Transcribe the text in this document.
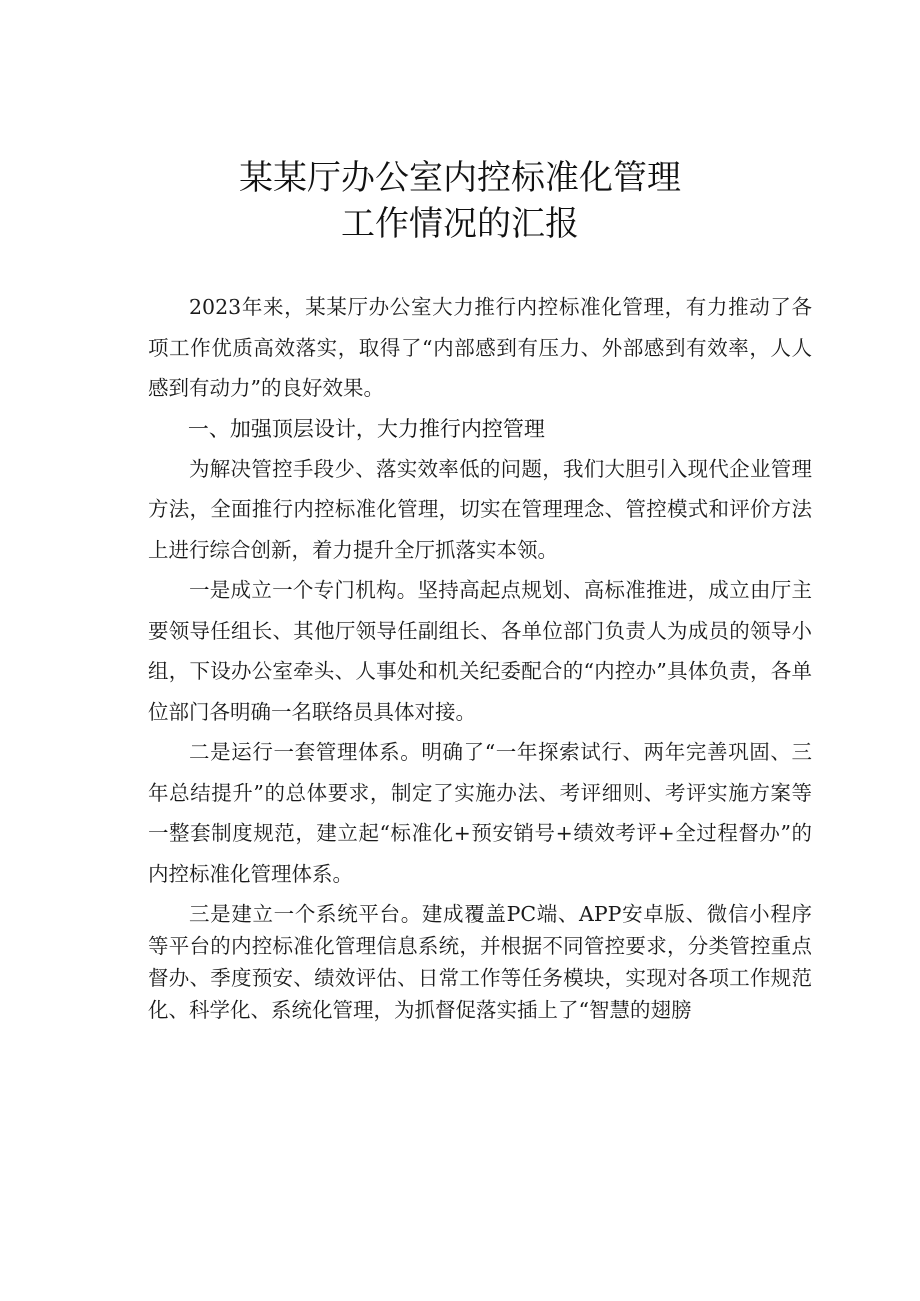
某某厅办公室内控标准化管理
工作情况的汇报

2023年来，某某厅办公室大力推行内控标准化管理，有力推动了各项工作优质高效落实，取得了“内部感到有压力、外部感到有效率，人人感到有动力”的良好效果。

一、加强顶层设计，大力推行内控管理

为解决管控手段少、落实效率低的问题，我们大胆引入现代企业管理方法，全面推行内控标准化管理，切实在管理理念、管控模式和评价方法上进行综合创新，着力提升全厅抓落实本领。

一是成立一个专门机构。坚持高起点规划、高标准推进，成立由厅主要领导任组长、其他厅领导任副组长、各单位部门负责人为成员的领导小组，下设办公室牵头、人事处和机关纪委配合的“内控办”具体负责，各单位部门各明确一名联络员具体对接。

二是运行一套管理体系。明确了“一年探索试行、两年完善巩固、三年总结提升”的总体要求，制定了实施办法、考评细则、考评实施方案等一整套制度规范，建立起“标准化+预安销号+绩效考评+全过程督办”的内控标准化管理体系。

三是建立一个系统平台。建成覆盖PC端、APP安卓版、微信小程序等平台的内控标准化管理信息系统，并根据不同管控要求，分类管控重点督办、季度预安、绩效评估、日常工作等任务模块，实现对各项工作规范化、科学化、系统化管理，为抓督促落实插上了“智慧的翅膀
